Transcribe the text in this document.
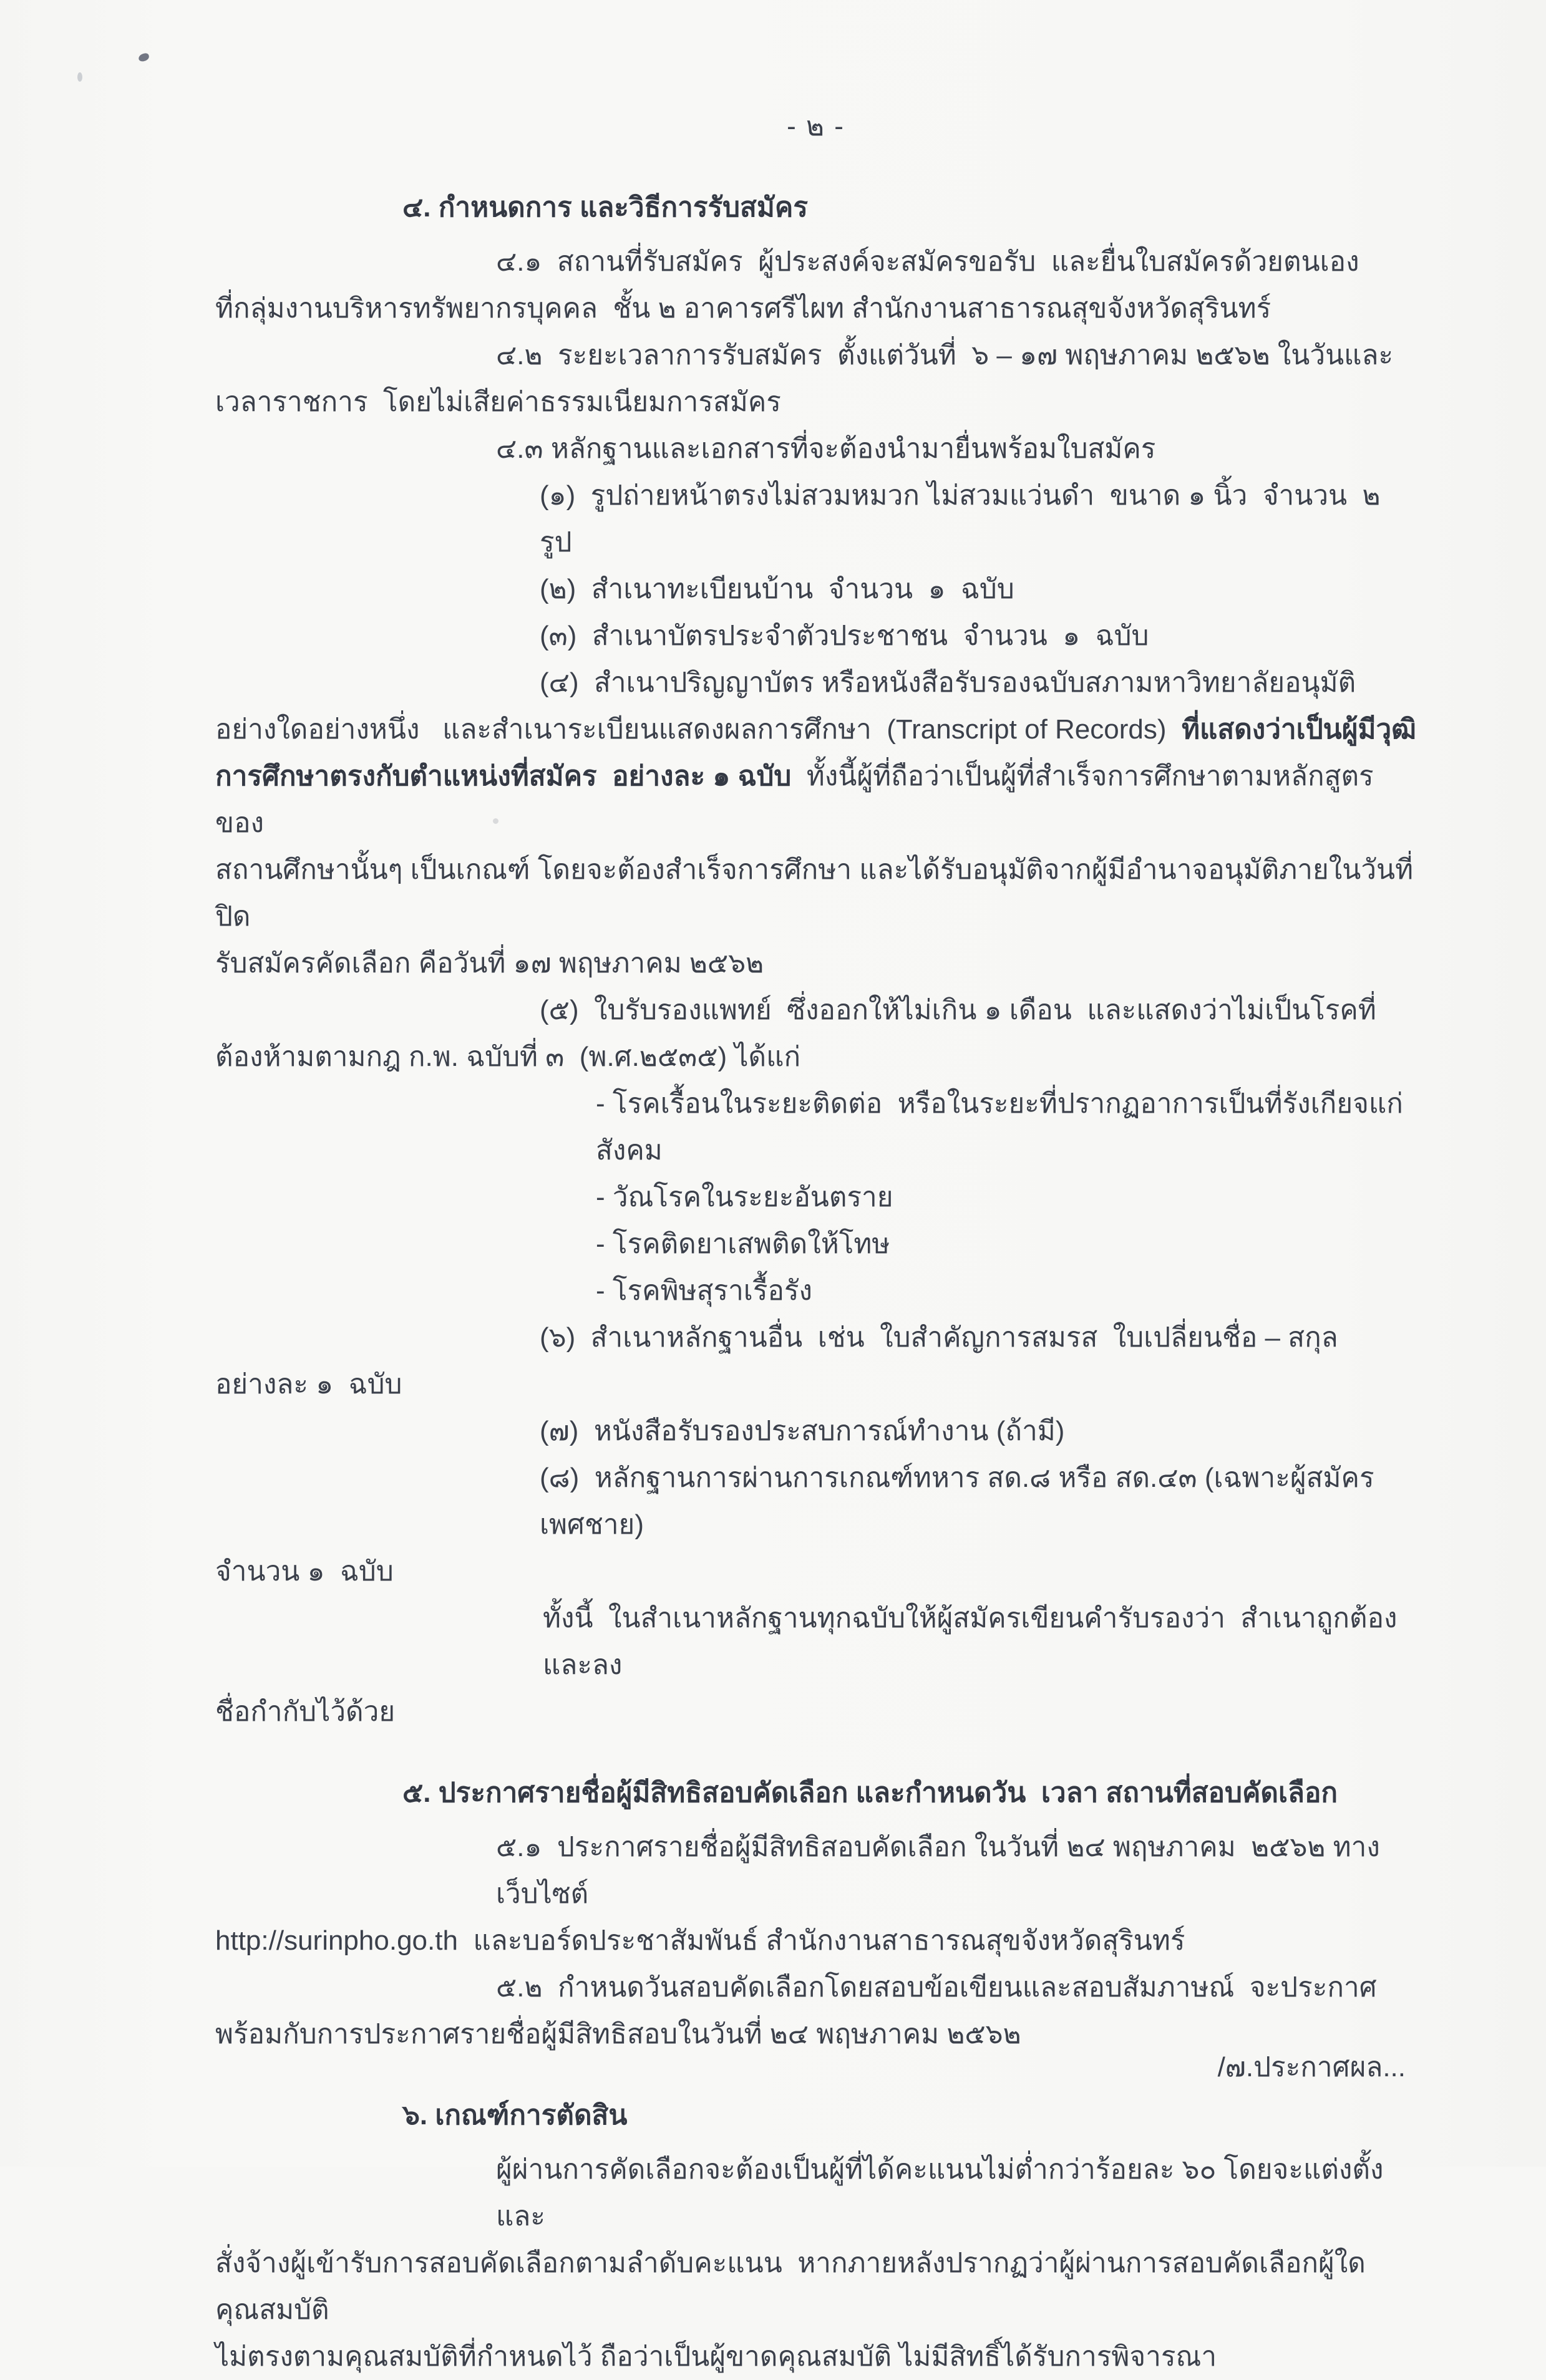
- ๒ -

๔. กำหนดการ และวิธีการรับสมัคร

๔.๑  สถานที่รับสมัคร  ผู้ประสงค์จะสมัครขอรับ  และยื่นใบสมัครด้วยตนเอง

ที่กลุ่มงานบริหารทรัพยากรบุคคล  ชั้น ๒ อาคารศรีไผท สำนักงานสาธารณสุขจังหวัดสุรินทร์

๔.๒  ระยะเวลาการรับสมัคร  ตั้งแต่วันที่  ๖ – ๑๗ พฤษภาคม ๒๕๖๒ ในวันและ

เวลาราชการ  โดยไม่เสียค่าธรรมเนียมการสมัคร

๔.๓ หลักฐานและเอกสารที่จะต้องนำมายื่นพร้อมใบสมัคร

(๑)  รูปถ่ายหน้าตรงไม่สวมหมวก ไม่สวมแว่นดำ  ขนาด ๑ นิ้ว  จำนวน  ๒ รูป

(๒)  สำเนาทะเบียนบ้าน  จำนวน  ๑  ฉบับ

(๓)  สำเนาบัตรประจำตัวประชาชน  จำนวน  ๑  ฉบับ

(๔)  สำเนาปริญญาบัตร หรือหนังสือรับรองฉบับสภามหาวิทยาลัยอนุมัติ

อย่างใดอย่างหนึ่ง   และสำเนาระเบียนแสดงผลการศึกษา  (Transcript of Records)  ที่แสดงว่าเป็นผู้มีวุฒิ

การศึกษาตรงกับตำแหน่งที่สมัคร  อย่างละ ๑ ฉบับ  ทั้งนี้ผู้ที่ถือว่าเป็นผู้ที่สำเร็จการศึกษาตามหลักสูตรของ

สถานศึกษานั้นๆ เป็นเกณฑ์ โดยจะต้องสำเร็จการศึกษา และได้รับอนุมัติจากผู้มีอำนาจอนุมัติภายในวันที่ปิด

รับสมัครคัดเลือก คือวันที่ ๑๗ พฤษภาคม ๒๕๖๒

(๕)  ใบรับรองแพทย์  ซึ่งออกให้ไม่เกิน ๑ เดือน  และแสดงว่าไม่เป็นโรคที่

ต้องห้ามตามกฎ ก.พ. ฉบับที่ ๓  (พ.ศ.๒๕๓๕) ได้แก่

- โรคเรื้อนในระยะติดต่อ  หรือในระยะที่ปรากฏอาการเป็นที่รังเกียจแก่สังคม

- วัณโรคในระยะอันตราย

- โรคติดยาเสพติดให้โทษ

- โรคพิษสุราเรื้อรัง

(๖)  สำเนาหลักฐานอื่น  เช่น  ใบสำคัญการสมรส  ใบเปลี่ยนชื่อ – สกุล

อย่างละ ๑  ฉบับ

(๗)  หนังสือรับรองประสบการณ์ทำงาน (ถ้ามี)

(๘)  หลักฐานการผ่านการเกณฑ์ทหาร สด.๘ หรือ สด.๔๓ (เฉพาะผู้สมัครเพศชาย)

จำนวน ๑  ฉบับ

ทั้งนี้  ในสำเนาหลักฐานทุกฉบับให้ผู้สมัครเขียนคำรับรองว่า  สำเนาถูกต้องและลง

ชื่อกำกับไว้ด้วย

๕. ประกาศรายชื่อผู้มีสิทธิสอบคัดเลือก และกำหนดวัน  เวลา สถานที่สอบคัดเลือก

๕.๑  ประกาศรายชื่อผู้มีสิทธิสอบคัดเลือก ในวันที่ ๒๔ พฤษภาคม  ๒๕๖๒ ทางเว็บไซต์

http://surinpho.go.th  และบอร์ดประชาสัมพันธ์ สำนักงานสาธารณสุขจังหวัดสุรินทร์

๕.๒  กำหนดวันสอบคัดเลือกโดยสอบข้อเขียนและสอบสัมภาษณ์  จะประกาศ

พร้อมกับการประกาศรายชื่อผู้มีสิทธิสอบในวันที่ ๒๔ พฤษภาคม ๒๕๖๒

๖. เกณฑ์การตัดสิน

ผู้ผ่านการคัดเลือกจะต้องเป็นผู้ที่ได้คะแนนไม่ต่ำกว่าร้อยละ ๖๐ โดยจะแต่งตั้ง  และ

สั่งจ้างผู้เข้ารับการสอบคัดเลือกตามลำดับคะแนน  หากภายหลังปรากฏว่าผู้ผ่านการสอบคัดเลือกผู้ใดคุณสมบัติ

ไม่ตรงตามคุณสมบัติที่กำหนดไว้ ถือว่าเป็นผู้ขาดคุณสมบัติ ไม่มีสิทธิ์ได้รับการพิจารณา

/๗.ประกาศผล...
